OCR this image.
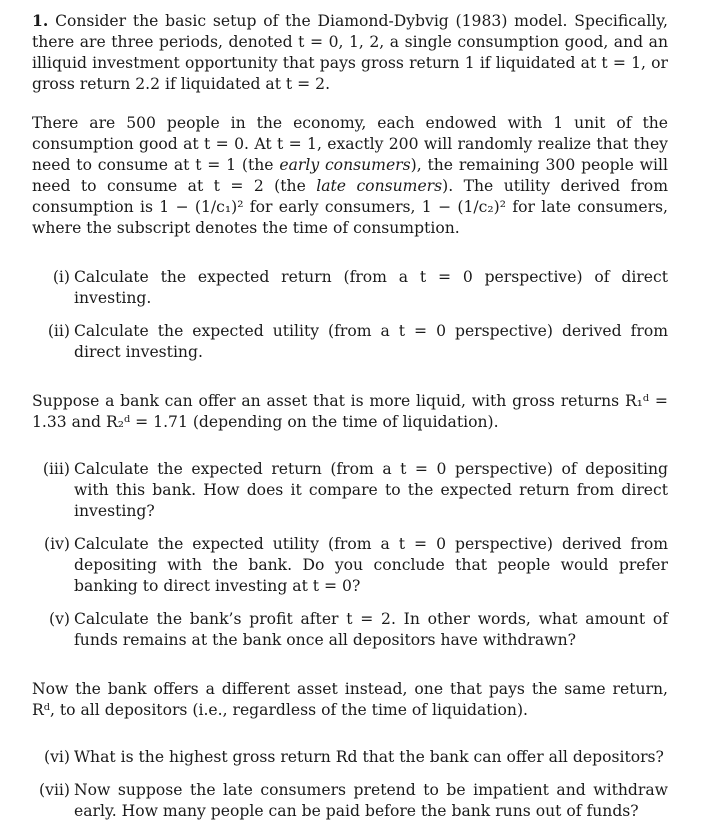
1. Consider the basic setup of the Diamond-Dybvig (1983) model. Specifically, there are three periods, denoted t = 0, 1, 2, a single consumption good, and an illiquid investment opportunity that pays gross return 1 if liquidated at t = 1, or gross return 2.2 if liquidated at t = 2.

There are 500 people in the economy, each endowed with 1 unit of the consumption good at t = 0. At t = 1, exactly 200 will randomly realize that they need to consume at t = 1 (the early consumers), the remaining 300 people will need to consume at t = 2 (the late consumers). The utility derived from consumption is 1 − (1/c₁)² for early consumers, 1 − (1/c₂)² for late consumers, where the subscript denotes the time of consumption.

(i) Calculate the expected return (from a t = 0 perspective) of direct investing.
(ii) Calculate the expected utility (from a t = 0 perspective) derived from direct investing.

Suppose a bank can offer an asset that is more liquid, with gross returns R₁ᵈ = 1.33 and R₂ᵈ = 1.71 (depending on the time of liquidation).

(iii) Calculate the expected return (from a t = 0 perspective) of depositing with this bank. How does it compare to the expected return from direct investing?
(iv) Calculate the expected utility (from a t = 0 perspective) derived from depositing with the bank. Do you conclude that people would prefer banking to direct investing at t = 0?
(v) Calculate the bank’s profit after t = 2. In other words, what amount of funds remains at the bank once all depositors have withdrawn?

Now the bank offers a different asset instead, one that pays the same return, Rᵈ, to all depositors (i.e., regardless of the time of liquidation).

(vi) What is the highest gross return Rd that the bank can offer all depositors?
(vii) Now suppose the late consumers pretend to be impatient and withdraw early. How many people can be paid before the bank runs out of funds?
